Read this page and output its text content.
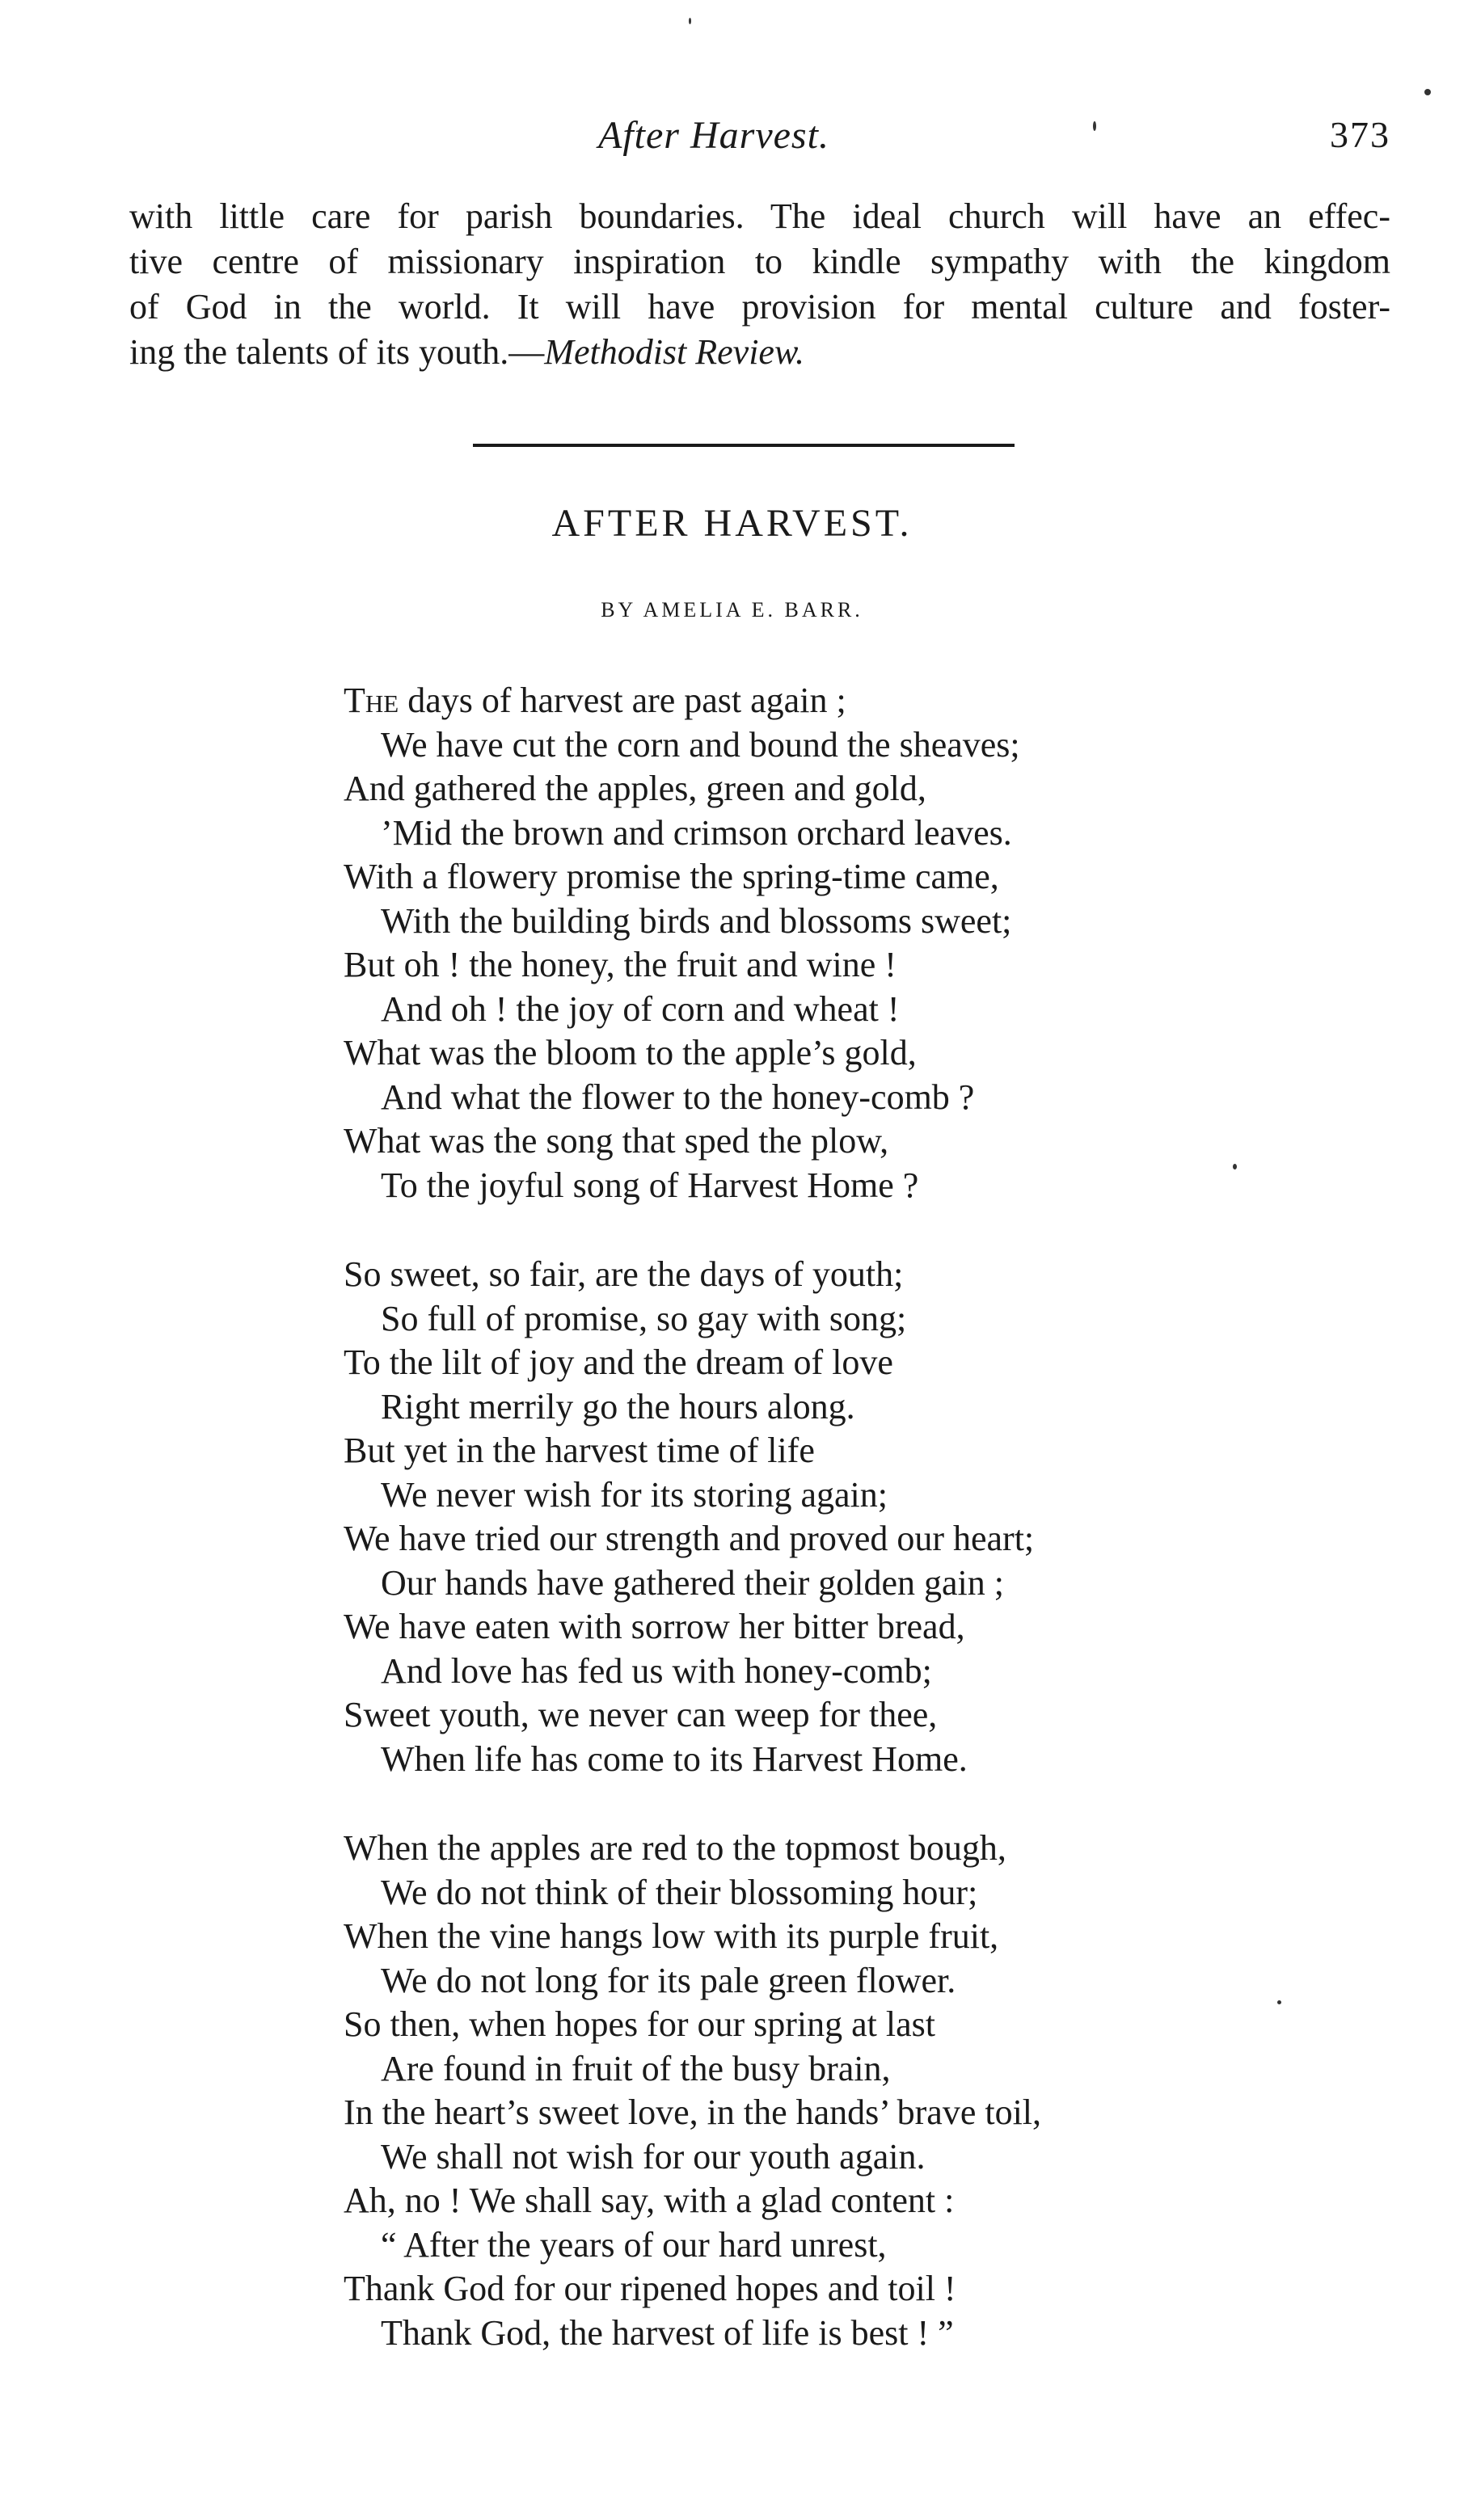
After Harvest.	373
with little care for parish boundaries. The ideal church will have an effec-
tive centre of missionary inspiration to kindle sympathy with the kingdom
of God in the world. It will have provision for mental culture and foster-
ing the talents of its youth.—Methodist Review.
AFTER HARVEST.
BY AMELIA E. BARR.
The days of harvest are past again ;
We have cut the corn and bound the sheaves;
And gathered the apples, green and gold,
’Mid the brown and crimson orchard leaves.
With a flowery promise the spring-time came,
With the building birds and blossoms sweet;
But oh ! the honey, the fruit and wine !
And oh ! the joy of corn and wheat !
What was the bloom to the apple’s gold,
And what the flower to the honey-comb ?
What was the song that sped the plow,
To the joyful song of Harvest Home ?
So sweet, so fair, are the days of youth;
So full of promise, so gay with song;
To the lilt of joy and the dream of love
Right merrily go the hours along.
But yet in the harvest time of life
We never wish for its storing again;
We have tried our strength and proved our heart;
Our hands have gathered their golden gain ;
We have eaten with sorrow her bitter bread,
And love has fed us with honey-comb;
Sweet youth, we never can weep for thee,
When life has come to its Harvest Home.
When the apples are red to the topmost bough,
We do not think of their blossoming hour;
When the vine hangs low with its purple fruit,
We do not long for its pale green flower.
So then, when hopes for our spring at last
Are found in fruit of the busy brain,
In the heart’s sweet love, in the hands’ brave toil,
We shall not wish for our youth again.
Ah, no ! We shall say, with a glad content :
“ After the years of our hard unrest,
Thank God for our ripened hopes and toil !
Thank God, the harvest of life is best ! ”
